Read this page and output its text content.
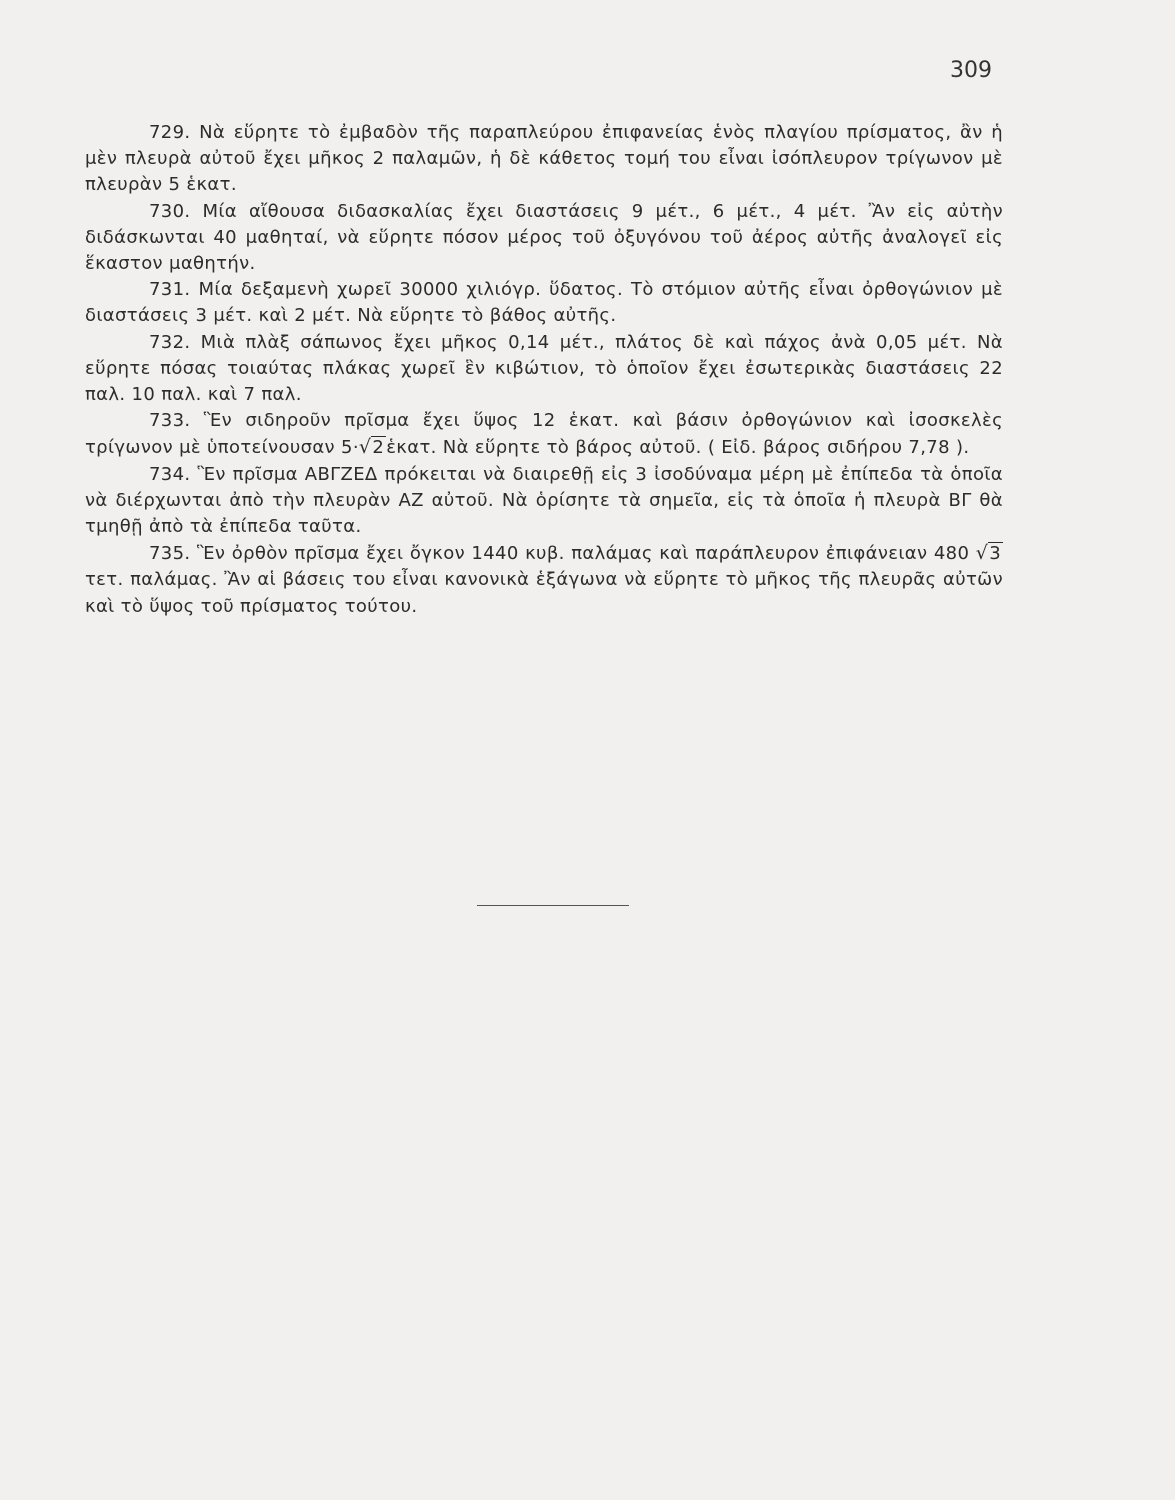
309

729. Νὰ εὕρητε τὸ ἐμβαδὸν τῆς παραπλεύρου ἐπιφανείας ἑνὸς πλαγίου πρίσματος, ἂν ἡ μὲν πλευρὰ αὐτοῦ ἔχει μῆκος 2 παλαμῶν, ἡ δὲ κάθετος τομή του εἶναι ἰσόπλευρον τρίγωνον μὲ πλευρὰν 5 ἑκατ.

730. Μία αἴθουσα διδασκαλίας ἔχει διαστάσεις 9 μέτ., 6 μέτ., 4 μέτ. Ἂν εἰς αὐτὴν διδάσκωνται 40 μαθηταί, νὰ εὕρητε πόσον μέρος τοῦ ὀξυγόνου τοῦ ἀέρος αὐτῆς ἀναλογεῖ εἰς ἕκαστον μαθητήν.

731. Μία δεξαμενὴ χωρεῖ 30000 χιλιόγρ. ὕδατος. Τὸ στόμιον αὐτῆς εἶναι ὀρθογώνιον μὲ διαστάσεις 3 μέτ. καὶ 2 μέτ. Νὰ εὕρητε τὸ βάθος αὐτῆς.

732. Μιὰ πλὰξ σάπωνος ἔχει μῆκος 0,14 μέτ., πλάτος δὲ καὶ πάχος ἀνὰ 0,05 μέτ. Νὰ εὕρητε πόσας τοιαύτας πλάκας χωρεῖ ἓν κιβώτιον, τὸ ὁποῖον ἔχει ἐσωτερικὰς διαστάσεις 22 παλ. 10 παλ. καὶ 7 παλ.

733. Ἓν σιδηροῦν πρῖσμα ἔχει ὕψος 12 ἑκατ. καὶ βάσιν ὀρθογώνιον καὶ ἰσοσκελὲς τρίγωνον μὲ ὑποτείνουσαν 5·√2 ἑκατ. Νὰ εὕρητε τὸ βάρος αὐτοῦ. ( Εἰδ. βάρος σιδήρου 7,78 ).

734. Ἓν πρῖσμα ΑΒΓΖΕΔ πρόκειται νὰ διαιρεθῇ εἰς 3 ἰσοδύναμα μέρη μὲ ἐπίπεδα τὰ ὁποῖα νὰ διέρχωνται ἀπὸ τὴν πλευρὰν ΑΖ αὐτοῦ. Νὰ ὁρίσητε τὰ σημεῖα, εἰς τὰ ὁποῖα ἡ πλευρὰ ΒΓ θὰ τμηθῇ ἀπὸ τὰ ἐπίπεδα ταῦτα.

735. Ἓν ὀρθὸν πρῖσμα ἔχει ὄγκον 1440 κυβ. παλάμας καὶ παράπλευρον ἐπιφάνειαν 480 √3 τετ. παλάμας. Ἂν αἱ βάσεις του εἶναι κανονικὰ ἑξάγωνα νὰ εὕρητε τὸ μῆκος τῆς πλευρᾶς αὐτῶν καὶ τὸ ὕψος τοῦ πρίσματος τούτου.
